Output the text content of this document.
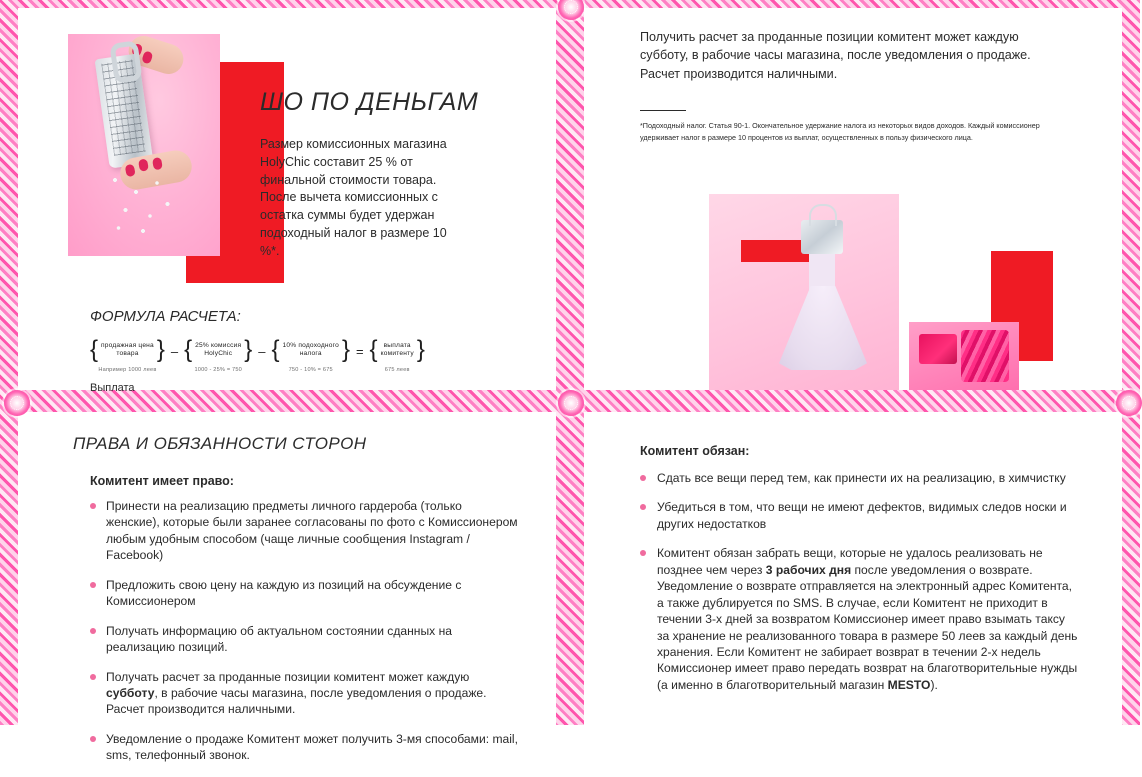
ШО ПО ДЕНЬГАМ
Размер комиссионных магазина HolyChic составит 25 % от финальной стоимости товара. После вычета комиссионных с остатка суммы будет удержан подоходный налог в размере 10 %*.
ФОРМУЛА РАСЧЕТА:
{ продажная цена
товара }
Например 1000 леев
– { 25% комиссия
HolyChic }
1000 - 25% = 750
– { 10% подоходного
налога }
750 - 10% = 675
= { выплата
комитенту }
675 леев
Выплата
Получить расчет за проданные позиции комитент может каждую субботу, в рабочие часы магазина, после уведомления о продаже. Расчет производится наличными.
*Подоходный налог. Статья 90-1. Окончательное удержание налога из некоторых видов доходов. Каждый комиссионер удерживает налог в размере 10 процентов из выплат, осуществленных в пользу физического лица.
ПРАВА И ОБЯЗАННОСТИ СТОРОН
Комитент имеет право:
Принести на реализацию предметы личного гардероба (только женские), которые были заранее согласованы по фото с Комиссионером любым удобным способом (чаще личные сообщения Instagram / Facebook)
Предложить свою цену на каждую из позиций на обсуждение с Комиссионером
Получать информацию об актуальном состоянии сданных на реализацию позиций.
Получать расчет за проданные позиции комитент может каждую субботу, в рабочие часы магазина, после уведомления о продаже. Расчет производится наличными.
Уведомление о продаже Комитент может получить 3-мя способами: mail, sms, телефонный звонок.
Комитент обязан:
Сдать все вещи перед тем, как принести их на реализацию, в химчистку
Убедиться в том, что вещи не имеют дефектов, видимых следов носки и других недостатков
Комитент обязан забрать вещи, которые не удалось реализовать не позднее чем через 3 рабочих дня после уведомления о возврате. Уведомление о возврате отправляется на электронный адрес Комитента, а также дублируется по SMS. В случае, если Комитент не приходит в течении 3-х дней за возвратом Комиссионер имеет право взымать таксу за хранение не реализованного товара в размере 50 леев за каждый день хранения. Если Комитент не забирает возврат в течении 2-х недель Комиссионер имеет право передать возврат на благотворительные нужды (а именно в благотворительный магазин MESTO).
